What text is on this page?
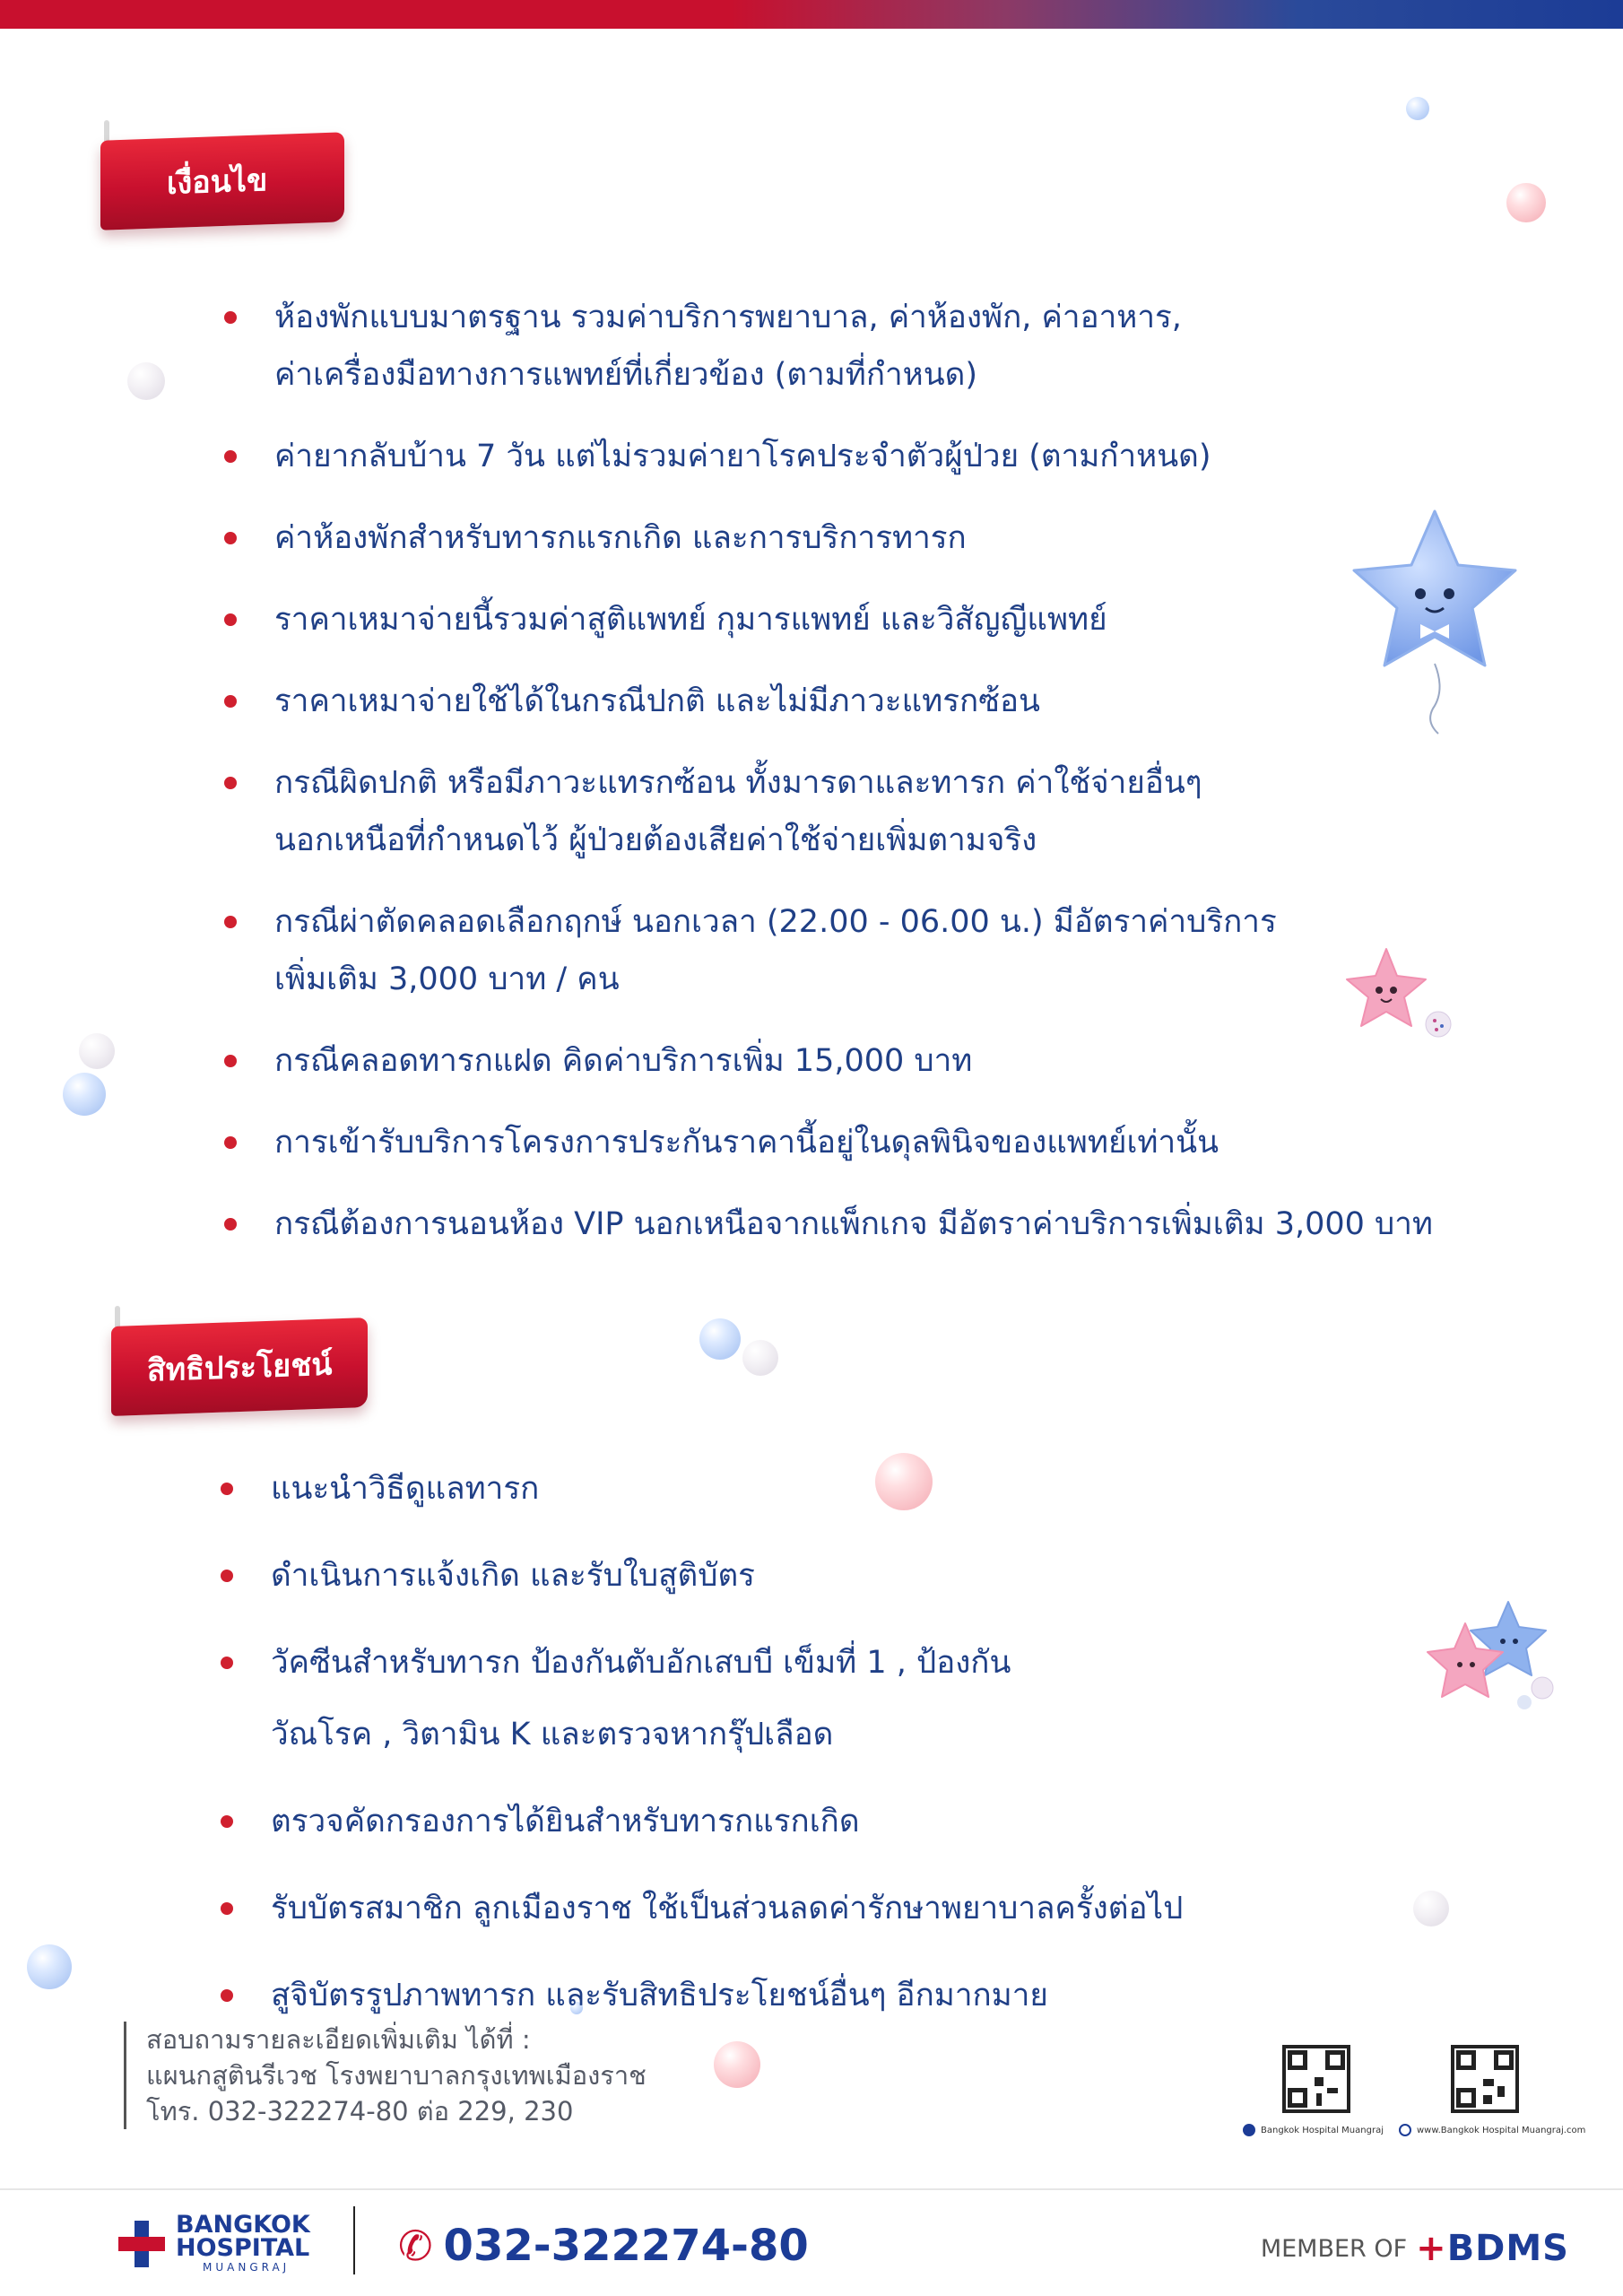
เงื่อนไข
ห้องพักแบบมาตรฐาน รวมค่าบริการพยาบาล, ค่าห้องพัก, ค่าอาหาร,
ค่าเครื่องมือทางการแพทย์ที่เกี่ยวข้อง (ตามที่กำหนด)
ค่ายากลับบ้าน 7 วัน แต่ไม่รวมค่ายาโรคประจำตัวผู้ป่วย (ตามกำหนด)
ค่าห้องพักสำหรับทารกแรกเกิด และการบริการทารก
ราคาเหมาจ่ายนี้รวมค่าสูติแพทย์ กุมารแพทย์ และวิสัญญีแพทย์
ราคาเหมาจ่ายใช้ได้ในกรณีปกติ และไม่มีภาวะแทรกซ้อน
กรณีผิดปกติ หรือมีภาวะแทรกซ้อน ทั้งมารดาและทารก ค่าใช้จ่ายอื่นๆ
นอกเหนือที่กำหนดไว้ ผู้ป่วยต้องเสียค่าใช้จ่ายเพิ่มตามจริง
กรณีผ่าตัดคลอดเลือกฤกษ์ นอกเวลา (22.00 - 06.00 น.) มีอัตราค่าบริการ
เพิ่มเติม 3,000 บาท / คน
กรณีคลอดทารกแฝด คิดค่าบริการเพิ่ม 15,000 บาท
การเข้ารับบริการโครงการประกันราคานี้อยู่ในดุลพินิจของแพทย์เท่านั้น
กรณีต้องการนอนห้อง VIP นอกเหนือจากแพ็กเกจ มีอัตราค่าบริการเพิ่มเติม 3,000 บาท
สิทธิประโยชน์
แนะนำวิธีดูแลทารก
ดำเนินการแจ้งเกิด และรับใบสูติบัตร
วัคซีนสำหรับทารก ป้องกันตับอักเสบบี เข็มที่ 1 , ป้องกัน
วัณโรค , วิตามิน K และตรวจหากรุ๊ปเลือด
ตรวจคัดกรองการได้ยินสำหรับทารกแรกเกิด
รับบัตรสมาชิก ลูกเมืองราช ใช้เป็นส่วนลดค่ารักษาพยาบาลครั้งต่อไป
สูจิบัตรรูปภาพทารก และรับสิทธิประโยชน์อื่นๆ อีกมากมาย
สอบถามรายละเอียดเพิ่มเติม ได้ที่ :
แผนกสูตินรีเวช โรงพยาบาลกรุงเทพเมืองราช
โทร. 032-322274-80 ต่อ 229, 230
Bangkok Hospital Muangraj	www.Bangkok Hospital Muangraj.com
BANGKOK
HOSPITAL
MUANGRAJ	✆ 032-322274-80	MEMBER OF +BDMS
